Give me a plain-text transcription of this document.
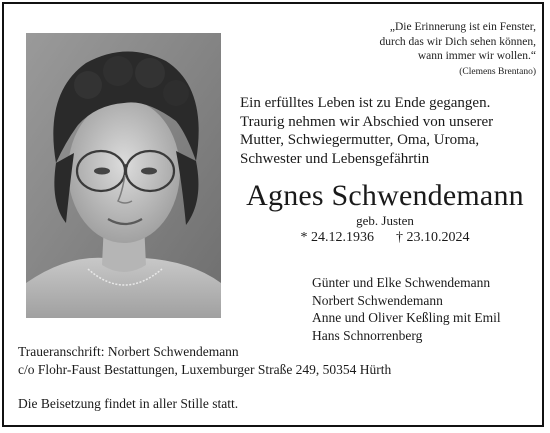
„Die Erinnerung ist ein Fenster,
durch das wir Dich sehen können,
wann immer wir wollen.“
(Clemens Brentano)
Ein erfülltes Leben ist zu Ende gegangen.
Traurig nehmen wir Abschied von unserer
Mutter, Schwiegermutter, Oma, Uroma,
Schwester und Lebensgefährtin
Agnes Schwendemann
geb. Justen
* 24.12.1936 † 23.10.2024
Günter und Elke Schwendemann
Norbert Schwendemann
Anne und Oliver Keßling mit Emil
Hans Schnorrenberg
Traueranschrift: Norbert Schwendemann
c/o Flohr-Faust Bestattungen, Luxemburger Straße 249, 50354 Hürth
Die Beisetzung findet in aller Stille statt.
